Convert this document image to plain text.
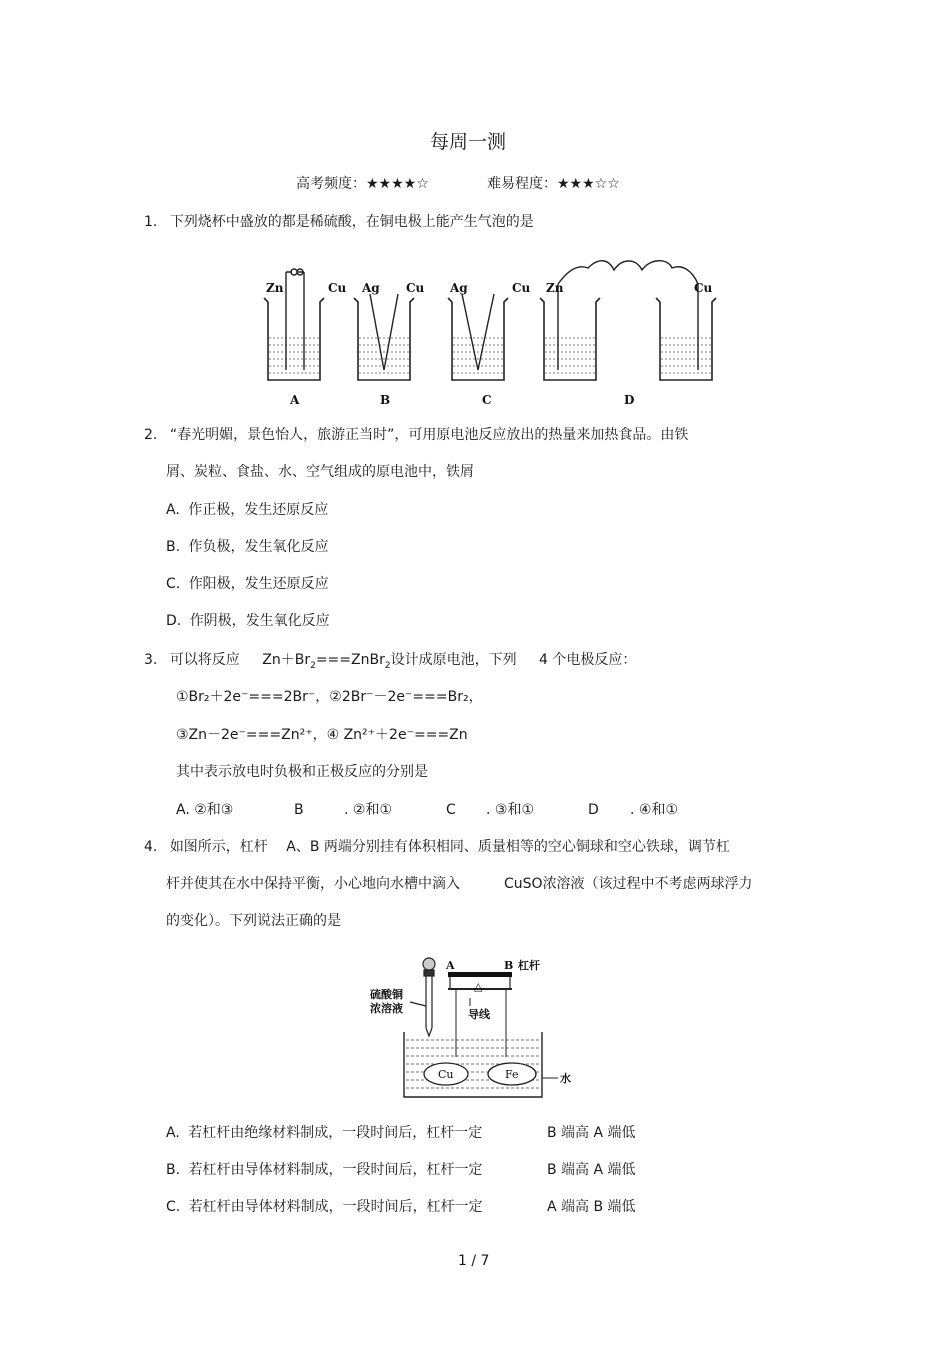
每周一测
高考频度：★★★★☆	难易程度：★★★☆☆
1. 下列烧杯中盛放的都是稀硫酸，在铜电极上能产生气泡的是
Zn	Cu Ag Cu Ag	Cu Zn	Cu
A	B	C	D
2. “春光明媚，景色怡人，旅游正当时”，可用原电池反应放出的热量来加热食品。由铁
屑、炭粒、食盐、水、空气组成的原电池中，铁屑
A. 作正极，发生还原反应
B. 作负极，发生氧化反应
C. 作阳极，发生还原反应
D. 作阴极，发生氧化反应
3. 可以将反应 $Zn+Br_2===ZnBr_2$设计成原电池，下列 4 个电极反应：
①Br₂＋2e⁻===2Br⁻，②2Br⁻－2e⁻===Br₂，
③Zn－2e⁻===Zn²⁺，④ Zn²⁺＋2e⁻===Zn
其中表示放电时负极和正极反应的分别是
A. ②和③	B	. ②和①	C . ③和①	D . ④和①
4. 如图所示，杠杆 A、B 两端分别挂有体积相同、质量相等的空心铜球和空心铁球，调节杠
杆并使其在水中保持平衡，小心地向水槽中滴入	CuSO浓溶液（该过程中不考虑两球浮力
的变化）。下列说法正确的是
A	B 杠杆
△
硫酸铜
浓溶液	导线
Cu	Fe	水
A. 若杠杆由绝缘材料制成，一段时间后，杠杆一定	B 端高 A 端低
B. 若杠杆由导体材料制成，一段时间后，杠杆一定	B 端高 A 端低
C. 若杠杆由导体材料制成，一段时间后，杠杆一定	A 端高 B 端低
1 / 7
